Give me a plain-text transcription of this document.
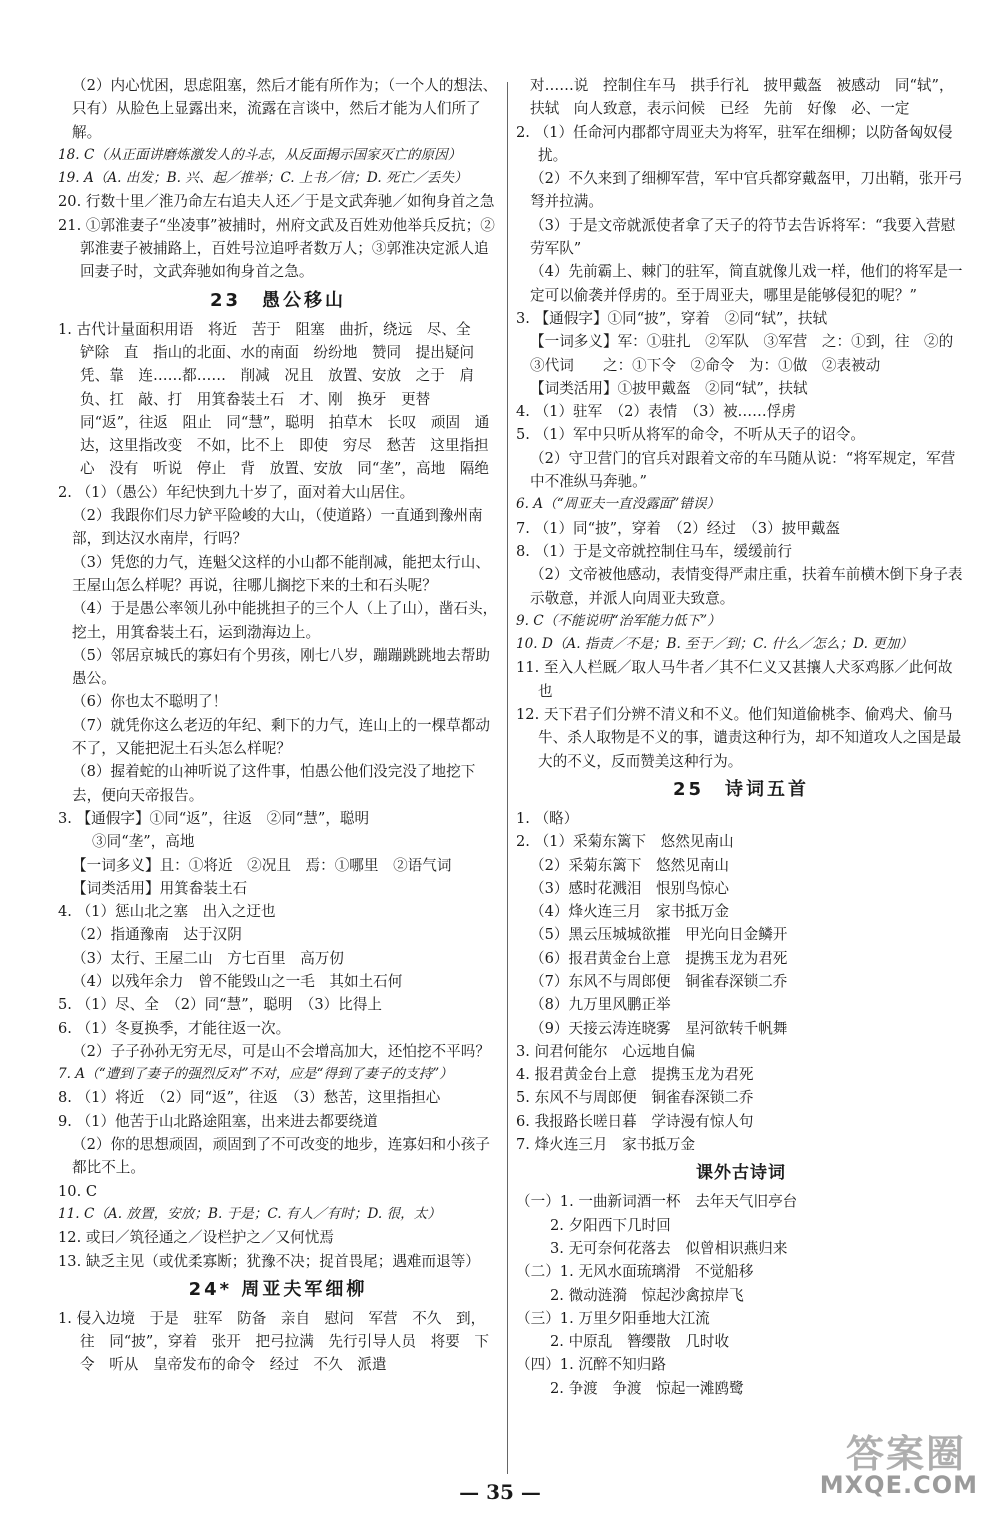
（2）内心忧困，思虑阻塞，然后才能有所作为；（一个人的想法、只有）从脸色上显露出来，流露在言谈中，然后才能为人们所了解。

18. C（从正面讲磨炼激发人的斗志，从反面揭示国家灭亡的原因）

19. A（A. 出发；B. 兴、起／推举；C. 上书／信；D. 死亡／丢失）

20. 行数十里／淮乃命左右追夫人还／于是文武奔驰／如徇身首之急

21. ①郭淮妻子“坐凌事”被捕时，州府文武及百姓劝他举兵反抗；②郭淮妻子被捕路上，百姓号泣追呼者数万人；③郭淮决定派人追回妻子时，文武奔驰如徇身首之急。

23　愚公移山

1. 古代计量面积用语　将近　苦于　阻塞　曲折，绕远　尽、全　铲除　直　指山的北面、水的南面　纷纷地　赞同　提出疑问　凭、靠　连……都……　削减　况且　放置、安放　之于　肩负、扛　敲、打　用箕畚装土石　才、刚　换牙　更替　同“返”，往返　阻止　同“慧”，聪明　拍草木　长叹　顽固　通达，这里指改变　不如，比不上　即使　穷尽　愁苦　这里指担心　没有　听说　停止　背　放置、安放　同“垄”，高地　隔绝

2. （1）（愚公）年纪快到九十岁了，面对着大山居住。

（2）我跟你们尽力铲平险峻的大山，（使道路）一直通到豫州南部，到达汉水南岸，行吗？

（3）凭您的力气，连魁父这样的小山都不能削减，能把太行山、王屋山怎么样呢？再说，往哪儿搁挖下来的土和石头呢？

（4）于是愚公率领儿孙中能挑担子的三个人（上了山），凿石头，挖土，用箕畚装土石，运到渤海边上。

（5）邻居京城氏的寡妇有个男孩，刚七八岁，蹦蹦跳跳地去帮助愚公。

（6）你也太不聪明了！

（7）就凭你这么老迈的年纪、剩下的力气，连山上的一棵草都动不了，又能把泥土石头怎么样呢？

（8）握着蛇的山神听说了这件事，怕愚公他们没完没了地挖下去，便向天帝报告。

3. 【通假字】①同“返”，往返　②同“慧”，聪明

③同“垄”，高地

【一词多义】且：①将近　②况且　焉：①哪里　②语气词

【词类活用】用箕畚装土石

4. （1）惩山北之塞　出入之迂也

（2）指通豫南　达于汉阴

（3）太行、王屋二山　方七百里　高万仞

（4）以残年余力　曾不能毁山之一毛　其如土石何

5. （1）尽、全　（2）同“慧”，聪明　（3）比得上

6. （1）冬夏换季，才能往返一次。

（2）子子孙孙无穷无尽，可是山不会增高加大，还怕挖不平吗？

7. A（“遭到了妻子的强烈反对”不对，应是“得到了妻子的支持”）

8. （1）将近　（2）同“返”，往返　（3）愁苦，这里指担心

9. （1）他苦于山北路途阻塞，出来进去都要绕道

（2）你的思想顽固，顽固到了不可改变的地步，连寡妇和小孩子都比不上。

10. C

11. C（A. 放置，安放；B. 于是；C. 有人／有时；D. 很，太）

12. 或曰／筑径通之／设栏护之／又何忧焉

13. 缺乏主见（或优柔寡断；犹豫不决；捉首畏尾；遇难而退等）

24* 周亚夫军细柳

1. 侵入边境　于是　驻军　防备　亲自　慰问　军营　不久　到，往　同“披”，穿着　张开　把弓拉满　先行引导人员　将要　下令　听从　皇帝发布的命令　经过　不久　派遣

对……说　控制住车马　拱手行礼　披甲戴盔　被感动　同“轼”，扶轼　向人致意，表示问候　已经　先前　好像　必、一定

2. （1）任命河内郡都守周亚夫为将军，驻军在细柳；以防备匈奴侵扰。

（2）不久来到了细柳军营，军中官兵都穿戴盔甲，刀出鞘，张开弓弩并拉满。

（3）于是文帝就派使者拿了天子的符节去告诉将军：“我要入营慰劳军队”

（4）先前霸上、棘门的驻军，简直就像儿戏一样，他们的将军是一定可以偷袭并俘虏的。至于周亚夫，哪里是能够侵犯的呢？”

3. 【通假字】①同“披”，穿着　②同“轼”，扶轼

【一词多义】军：①驻扎　②军队　③军营　之：①到，往　②的　③代词　　之：①下令　②命令　为：①做　②表被动

【词类活用】①披甲戴盔　②同“轼”，扶轼

4. （1）驻军　（2）表情　（3）被……俘虏

5. （1）军中只听从将军的命令，不听从天子的诏令。

（2）守卫营门的官兵对跟着文帝的车马随从说：“将军规定，军营中不准纵马奔驰。”

6. A（“周亚夫一直没露面”错误）

7. （1）同“披”，穿着　（2）经过　（3）披甲戴盔

8. （1）于是文帝就控制住马车，缓缓前行

（2）文帝被他感动，表情变得严肃庄重，扶着车前横木倒下身子表示敬意，并派人向周亚夫致意。

9. C（不能说明“治军能力低下”）

10. D（A. 指责／不是；B. 至于／到；C. 什么／怎么；D. 更加）

11. 至入人栏厩／取人马牛者／其不仁义又甚攘人犬豕鸡豚／此何故也

12. 天下君子们分辨不清义和不义。他们知道偷桃李、偷鸡犬、偷马牛、杀人取物是不义的事，谴责这种行为，却不知道攻人之国是最大的不义，反而赞美这种行为。

25　诗词五首

1. （略）

2. （1）采菊东篱下　悠然见南山

（2）采菊东篱下　悠然见南山

（3）感时花溅泪　恨别鸟惊心

（4）烽火连三月　家书抵万金

（5）黑云压城城欲摧　甲光向日金鳞开

（6）报君黄金台上意　提携玉龙为君死

（7）东风不与周郎便　铜雀春深锁二乔

（8）九万里风鹏正举

（9）天接云涛连晓雾　星河欲转千帆舞

3. 问君何能尔　心远地自偏

4. 报君黄金台上意　提携玉龙为君死

5. 东风不与周郎便　铜雀春深锁二乔

6. 我报路长嗟日暮　学诗漫有惊人句

7. 烽火连三月　家书抵万金

课外古诗词

（一）1. 一曲新词酒一杯　去年天气旧亭台

2. 夕阳西下几时回

3. 无可奈何花落去　似曾相识燕归来

（二）1. 无风水面琉璃滑　不觉船移

2. 微动涟漪　惊起沙禽掠岸飞

（三）1. 万里夕阳垂地大江流

2. 中原乱　簪缨散　几时收

（四）1. 沉醉不知归路

2. 争渡　争渡　惊起一滩鸥鹭

— 35 —
答案圈
MXQE.COM
